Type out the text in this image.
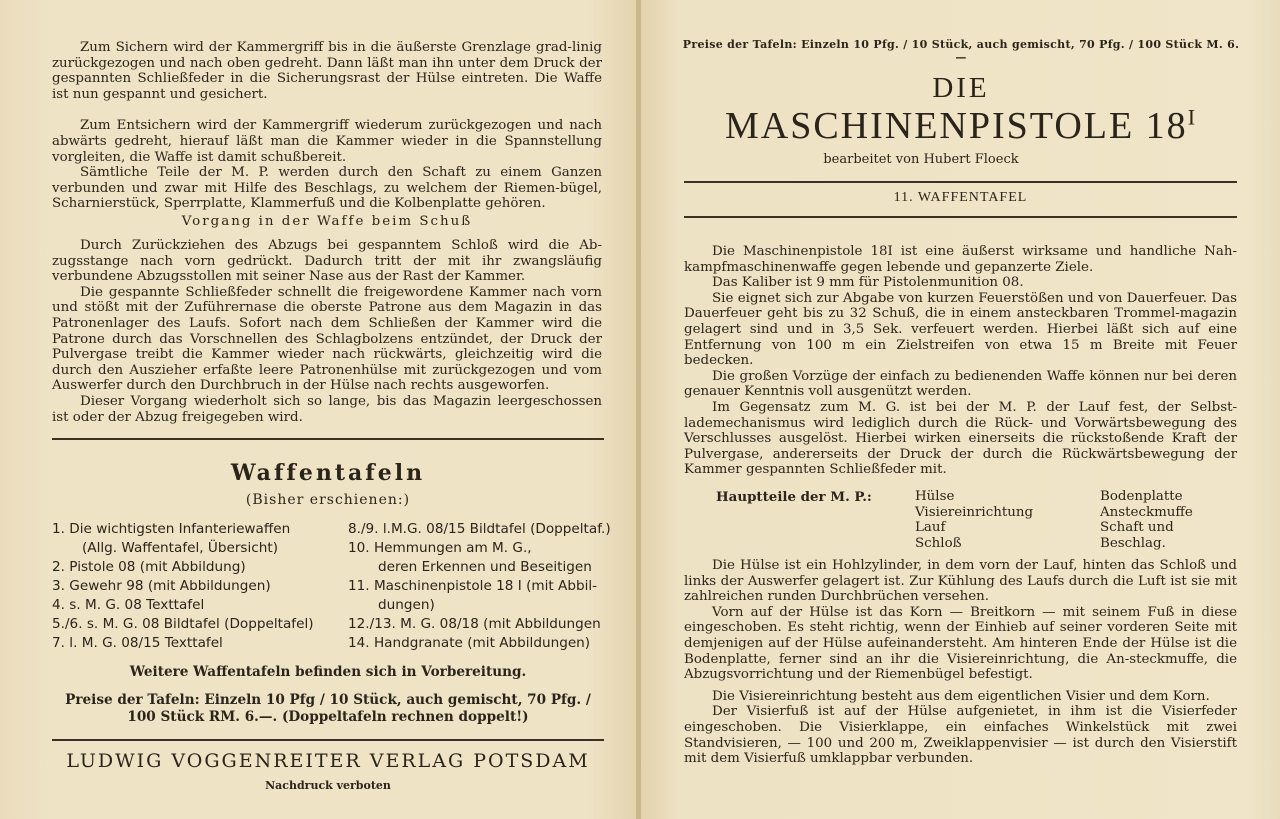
Zum Sichern wird der Kammergriff bis in die äußerste Grenzlage grad-linig zurückgezogen und nach oben gedreht. Dann läßt man ihn unter dem Druck der gespannten Schließfeder in die Sicherungsrast der Hülse eintreten. Die Waffe ist nun gespannt und gesichert.

Zum Entsichern wird der Kammergriff wiederum zurückgezogen und nach abwärts gedreht, hierauf läßt man die Kammer wieder in die Spannstellung vorgleiten, die Waffe ist damit schußbereit.

Sämtliche Teile der M. P. werden durch den Schaft zu einem Ganzen verbunden und zwar mit Hilfe des Beschlags, zu welchem der Riemen-bügel, Scharnierstück, Sperrplatte, Klammerfuß und die Kolbenplatte gehören.

Vorgang in der Waffe beim Schuß

Durch Zurückziehen des Abzugs bei gespanntem Schloß wird die Ab-zugsstange nach vorn gedrückt. Dadurch tritt der mit ihr zwangsläufig verbundene Abzugsstollen mit seiner Nase aus der Rast der Kammer.

Die gespannte Schließfeder schnellt die freigewordene Kammer nach vorn und stößt mit der Zuführernase die oberste Patrone aus dem Magazin in das Patronenlager des Laufs. Sofort nach dem Schließen der Kammer wird die Patrone durch das Vorschnellen des Schlagbolzens entzündet, der Druck der Pulvergase treibt die Kammer wieder nach rückwärts, gleichzeitig wird die durch den Auszieher erfaßte leere Patronenhülse mit zurückgezogen und vom Auswerfer durch den Durchbruch in der Hülse nach rechts ausgeworfen.

Dieser Vorgang wiederholt sich so lange, bis das Magazin leergeschossen ist oder der Abzug freigegeben wird.

Waffentafeln
(Bisher erschienen:)
1. Die wichtigsten Infanteriewaffen
(Allg. Waffentafel, Übersicht)
2. Pistole 08 (mit Abbildung)
3. Gewehr 98 (mit Abbildungen)
4. s. M. G. 08 Texttafel
5./6. s. M. G. 08 Bildtafel (Doppeltafel)
7. l. M. G. 08/15 Texttafel
8./9. l.M.G. 08/15 Bildtafel (Doppeltaf.)
10. Hemmungen am M. G.,
deren Erkennen und Beseitigen
11. Maschinenpistole 18 I (mit Abbil-
dungen)
12./13. M. G. 08/18 (mit Abbildungen
14. Handgranate (mit Abbildungen)
Weitere Waffentafeln befinden sich in Vorbereitung.
Preise der Tafeln: Einzeln 10 Pfg / 10 Stück, auch gemischt, 70 Pfg. /
100 Stück RM. 6.—. (Doppeltafeln rechnen doppelt!)
LUDWIG VOGGENREITER VERLAG POTSDAM
Nachdruck verboten
Preise der Tafeln: Einzeln 10 Pfg. / 10 Stück, auch gemischt, 70 Pfg. / 100 Stück M. 6.—
DIE
MASCHINENPISTOLE $18^I$
bearbeitet von Hubert Floeck
11. WAFFENTAFEL

Die Maschinenpistole 18I ist eine äußerst wirksame und handliche Nah-kampfmaschinenwaffe gegen lebende und gepanzerte Ziele.

Das Kaliber ist 9 mm für Pistolenmunition 08.

Sie eignet sich zur Abgabe von kurzen Feuerstößen und von Dauerfeuer. Das Dauerfeuer geht bis zu 32 Schuß, die in einem ansteckbaren Trommel-magazin gelagert sind und in 3,5 Sek. verfeuert werden. Hierbei läßt sich auf eine Entfernung von 100 m ein Zielstreifen von etwa 15 m Breite mit Feuer bedecken.

Die großen Vorzüge der einfach zu bedienenden Waffe können nur bei deren genauer Kenntnis voll ausgenützt werden.

Im Gegensatz zum M. G. ist bei der M. P. der Lauf fest, der Selbst-lademechanismus wird lediglich durch die Rück- und Vorwärtsbewegung des Verschlusses ausgelöst. Hierbei wirken einerseits die rückstoßende Kraft der Pulvergase, andererseits der Druck der durch die Rückwärtsbewegung der Kammer gespannten Schließfeder mit.

Hauptteile der M. P.:	Hülse
Visiereinrichtung
Lauf
Schloß
Bodenplatte
Ansteckmuffe
Schaft und
Beschlag.

Die Hülse ist ein Hohlzylinder, in dem vorn der Lauf, hinten das Schloß und links der Auswerfer gelagert ist. Zur Kühlung des Laufs durch die Luft ist sie mit zahlreichen runden Durchbrüchen versehen.

Vorn auf der Hülse ist das Korn — Breitkorn — mit seinem Fuß in diese eingeschoben. Es steht richtig, wenn der Einhieb auf seiner vorderen Seite mit demjenigen auf der Hülse aufeinandersteht. Am hinteren Ende der Hülse ist die Bodenplatte, ferner sind an ihr die Visiereinrichtung, die An-steckmuffe, die Abzugsvorrichtung und der Riemenbügel befestigt.

Die Visiereinrichtung besteht aus dem eigentlichen Visier und dem Korn.

Der Visierfuß ist auf der Hülse aufgenietet, in ihm ist die Visierfeder eingeschoben. Die Visierklappe, ein einfaches Winkelstück mit zwei Standvisieren, — 100 und 200 m, Zweiklappenvisier — ist durch den Visierstift mit dem Visierfuß umklappbar verbunden.
